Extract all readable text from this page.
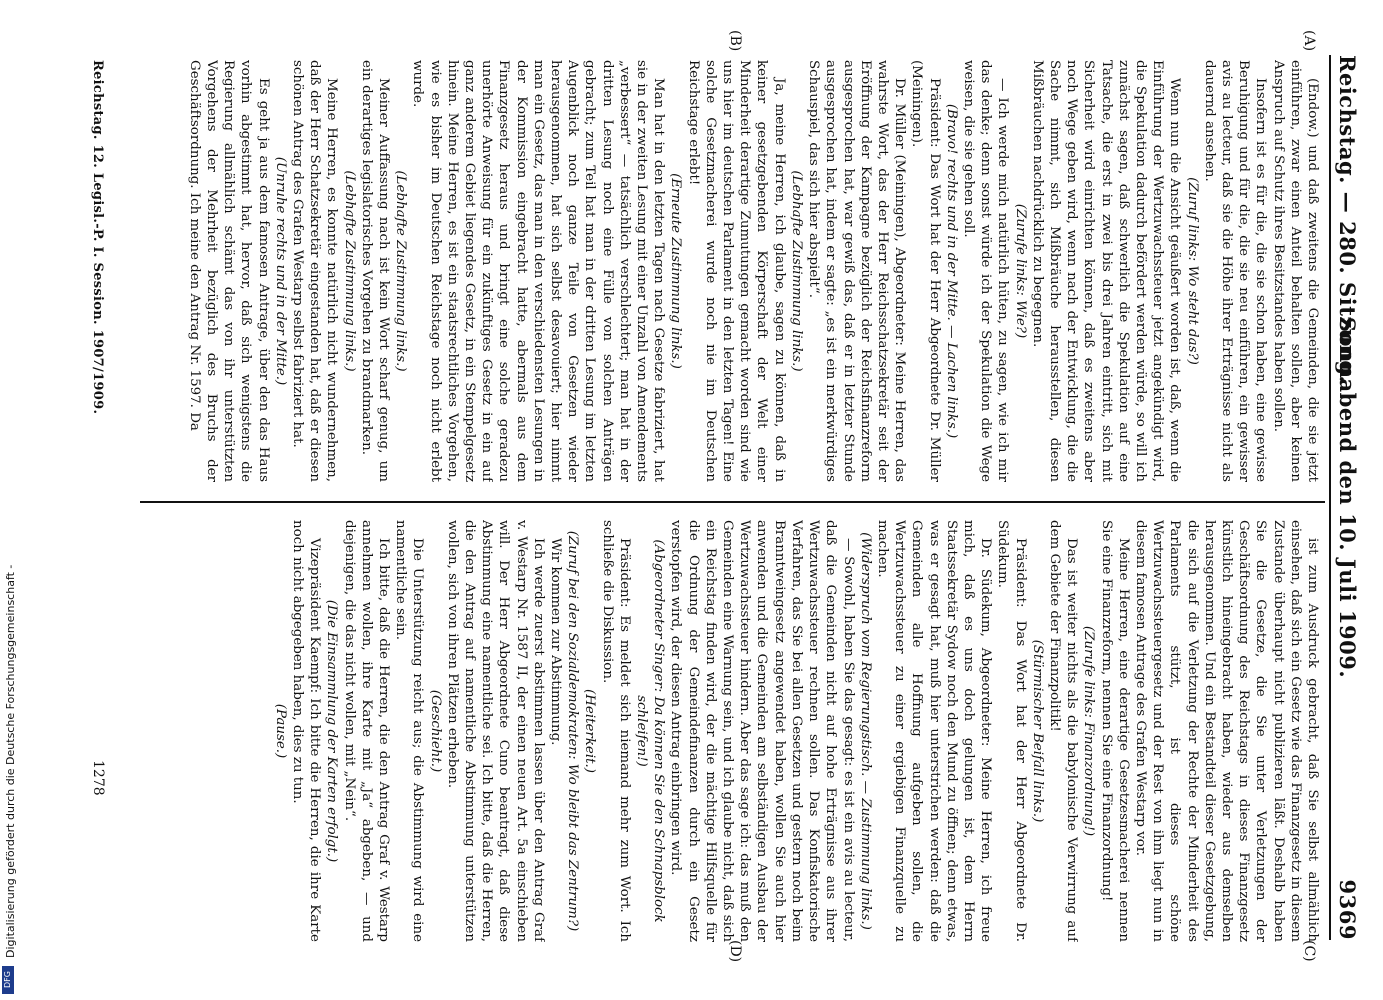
Reichstag. — 280. Sitzung.
Sonnabend den 10. Juli 1909.
9369
(A)
(B)
(C)
(D)

(Endow.) und daß zweitens die Gemeinden, die sie jetzt einführen, zwar einen Anteil behalten sollen, aber keinen Anspruch auf Schutz ihres Besitzstandes haben sollen.

Insofern ist es für die, die sie schon haben, eine gewisse Beruhigung und für die, die sie neu einführen, ein gewisser avis au lecteur, daß sie die Höhe ihrer Erträgnisse nicht als dauernd ansehen.

(Zuruf links: Wo steht das?)

Wenn nun die Ansicht geäußert worden ist, daß, wenn die Einführung der Wertzuwachssteuer jetzt angekündigt wird, die Spekulation dadurch befördert werden würde, so will ich zunächst sagen, daß schwerlich die Spekulation auf eine Tatsache, die erst in zwei bis drei Jahren eintritt, sich mit Sicherheit wird einrichten können, daß es zweitens aber noch Wege geben wird, wenn nach der Entwicklung, die die Sache nimmt, sich Mißbräuche herausstellen, diesen Mißbräuchen nachdrücklich zu begegnen.

(Zurufe links: Wie?)

— Ich werde mich natürlich hüten, zu sagen, wie ich mir das denke; denn sonst würde ich der Spekulation die Wege weisen, die sie gehen soll.

(Bravo! rechts und in der Mitte. — Lachen links.)

Präsident: Das Wort hat der Herr Abgeordnete Dr. Müller (Meiningen).

Dr. Müller (Meiningen), Abgeordneter: Meine Herren, das wahrste Wort, das der Herr Reichsschatzsekretär seit der Eröffnung der Kampagne bezüglich der Reichsfinanzreform ausgesprochen hat, war gewiß das, daß er in letzter Stunde ausgesprochen hat, indem er sagte: „es ist ein merkwürdiges Schauspiel, das sich hier abspielt“.

(Lebhafte Zustimmung links.)

Ja, meine Herren, ich glaube, sagen zu können, daß in keiner gesetzgebenden Körperschaft der Welt einer Minderheit derartige Zumutungen gemacht worden sind wie uns hier im deutschen Parlament in den letzten Tagen! Eine solche Gesetzmacherei wurde noch nie im Deutschen Reichstage erlebt!

(Erneute Zustimmung links.)

Man hat in den letzten Tagen nach Gesetze fabriziert, hat sie in der zweiten Lesung mit einer Unzahl von Amendements „verbessert“ — tatsächlich verschlechtert; man hat in der dritten Lesung noch eine Fülle von solchen Anträgen gebracht; zum Teil hat man in der dritten Lesung im letzten Augenblick noch ganze Teile von Gesetzen wieder herausgenommen, hat sich selbst desavouiert; hier nimmt man ein Gesetz, das man in den verschiedensten Lesungen in der Kommission eingebracht hatte, abermals aus dem Finanzgesetz heraus und bringt eine solche geradezu unerhörte Anweisung für ein zukünftiges Gesetz in ein auf ganz anderem Gebiet liegendes Gesetz, in ein Stempelgesetz hinein. Meine Herren, es ist ein staatsrechtliches Vorgehen, wie es bisher im Deutschen Reichstage noch nicht erlebt wurde.

(Lebhafte Zustimmung links.)

Meiner Auffassung nach ist kein Wort scharf genug, um ein derartiges legislatorisches Vorgehen zu brandmarken.

(Lebhafte Zustimmung links.)

Meine Herren, es konnte natürlich nicht wundernehmen, daß der Herr Schatzsekretär eingestanden hat, daß er diesen schönen Antrag des Grafen Westarp selbst fabriziert hat.

(Unruhe rechts und in der Mitte.)

Es geht ja aus dem famosen Antrage, über den das Haus vorhin abgestimmt hat, hervor, daß sich wenigstens die Regierung allmählich schämt das von ihr unterstützten Vorgehens der Mehrheit bezüglich des Bruchs der Geschäftsordnung. Ich meine den Antrag Nr. 1597. Da

ist zum Ausdruck gebracht, daß Sie selbst allmählich einsehen, daß sich ein Gesetz wie das Finanzgesetz in diesem Zustande überhaupt nicht publizieren läßt. Deshalb haben Sie die Gesetze, die Sie unter Verletzungen der Geschäftsordnung des Reichstags in dieses Finanzgesetz künstlich hineingebracht haben, wieder aus demselben herausgenommen. Und ein Bestandteil dieser Gesetzgebung, die sich auf die Verletzung der Rechte der Minderheit des Parlaments stützt, ist dieses schöne Wertzuwachssteuergesetz und der Rest von ihm liegt nun in diesem famosen Antrage des Grafen Westarp vor.

Meine Herren, eine derartige Gesetzesmacherei nennen Sie eine Finanzreform, nennen Sie eine Finanzordnung!

(Zurufe links: Finanzordnung!)

Das ist weiter nichts als die babylonische Verwirrung auf dem Gebiete der Finanzpolitik!

(Stürmischer Beifall links.)

Präsident: Das Wort hat der Herr Abgeordnete Dr. Südekum.

Dr. Südekum, Abgeordneter: Meine Herren, ich freue mich, daß es uns doch gelungen ist, dem Herrn Staatssekretär Sydow noch den Mund zu öffnen; denn etwas, was er gesagt hat, muß hier unterstrichen werden: daß die Gemeinden alle Hoffnung aufgeben sollen, die Wertzuwachssteuer zu einer ergiebigen Finanzquelle zu machen.

(Widerspruch vom Regierungstisch. — Zustimmung links.)

— Sowohl, haben Sie das gesagt: es ist ein avis au lecteur, daß die Gemeinden nicht auf hohe Erträgnisse aus ihrer Wertzuwachssteuer rechnen sollen. Das Konfiskatorische Verfahren, das Sie bei allen Gesetzen und gestern noch beim Branntweingesetz angewendet haben, wollen Sie auch hier anwenden und die Gemeinden am selbständigen Ausbau der Wertzuwachssteuer hindern. Aber das sage ich: das muß den Gemeinden eine Warnung sein, und ich glaube nicht, daß sich ein Reichstag finden wird, der die mächtige Hilfsquelle für die Ordnung der Gemeindefinanzen durch ein Gesetz verstopfen wird, der diesen Antrag einbringen wird.

(Abgeordneter Singer: Da können Sie den Schnapsblock schleifen!)

Präsident: Es meldet sich niemand mehr zum Wort. Ich schließe die Diskussion.

(Heiterkeit.)

(Zuruf bei den Sozialdemokraten: Wo bleibt das Zentrum?)

Wir kommen zur Abstimmung.

Ich werde zuerst abstimmen lassen über den Antrag Graf v. Westarp Nr. 1587 II, der einen neuen Art. 5a einschieben will. Der Herr Abgeordnete Cuno beantragt, daß diese Abstimmung eine namentliche sei. Ich bitte, daß die Herren, die den Antrag auf namentliche Abstimmung unterstützen wollen, sich von ihren Plätzen erheben.

(Geschieht.)

Die Unterstützung reicht aus; die Abstimmung wird eine namentliche sein.

Ich bitte, daß die Herren, die den Antrag Graf v. Westarp annehmen wollen, ihre Karte mit „Ja“ abgeben, — und diejenigen, die das nicht wollen, mit „Nein“.

(Die Einsammlung der Karten erfolgt.)

Vizepräsident Kaempf: Ich bitte die Herren, die ihre Karte noch nicht abgegeben haben, dies zu tun.

(Pause.)

Reichstag. 12. Legisl.-P. I. Session. 1907/1909.
1278
Digitalisierung gefördert durch die Deutsche Forschungsgemeinschaft -
DFG
